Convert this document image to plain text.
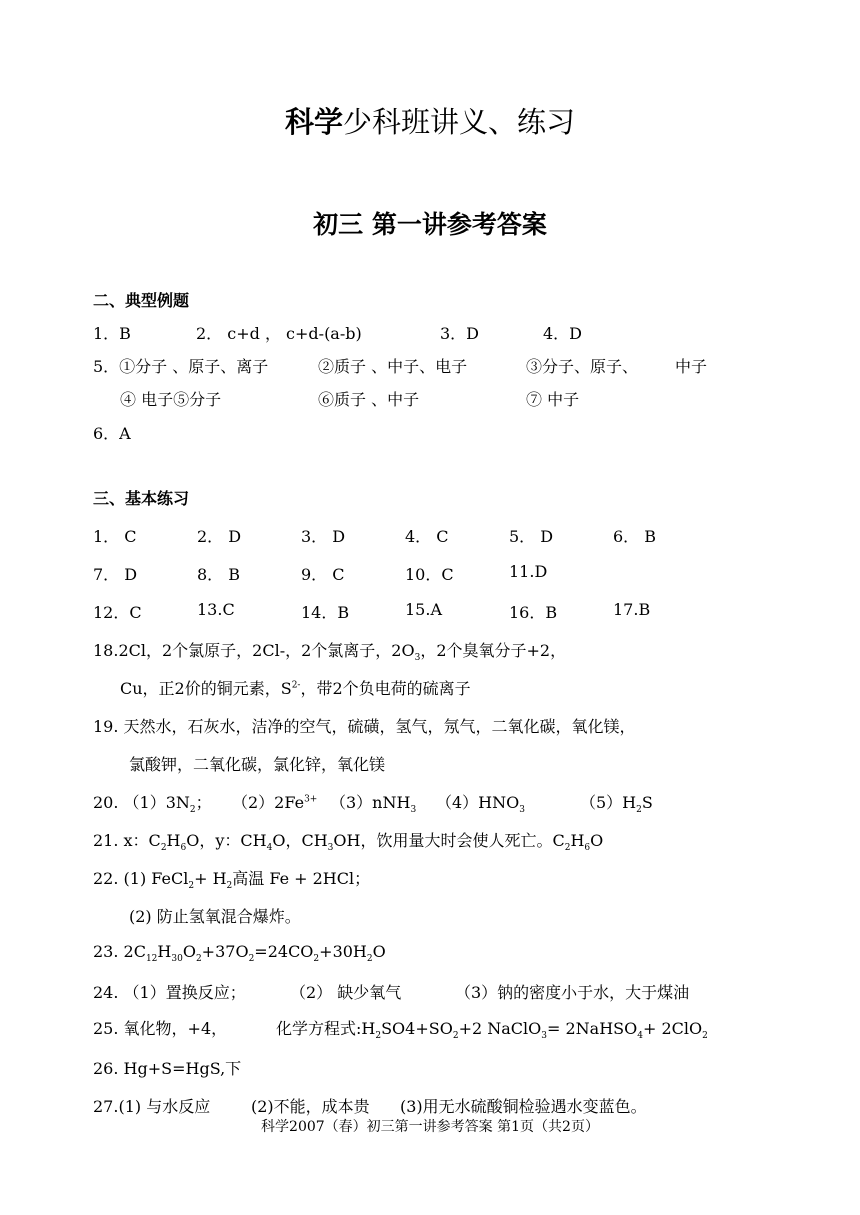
科学少科班讲义、练习
初三 第一讲参考答案
二、典型例题
1．B	2． c+d ， c+d-(a-b)	3．D	4．D
5．①分子 、原子、离子	②质子 、中子、电子	③分子、原子、 中子
④ 电子⑤分子	⑥质子 、中子	⑦ 中子
6．A
三、基本练习
1． C	2． D	3． D	4． C	5． D	6． B
7． D	8． B	9． C	10．C	11.D
12．C	13.C	14．B	15.A	16．B	17.B
18.2Cl，2个氯原子，2Cl-，2个氯离子，$2O_3$，2个臭氧分子+2，
Cu，正2价的铜元素，$S^{2-}$，带2个负电荷的硫离子
19. 天然水，石灰水，洁净的空气，硫磺，氢气，氖气，二氧化碳，氧化镁，
氯酸钾，二氧化碳，氯化锌，氧化镁
20. $(1)3N_2$； $(2)2Fe^{3+}$ （3）nNH$_3$ $(4)HNO_3$	$(5)H_2S$
21. x：$C_2H_6O$，y：$CH_4O$，$CH_3OH$，饮用量大时会使人死亡。$C_2H_6O$
22. (1) FeCl$_2$+ $H_2$高温 Fe + 2HCl；
(2) 防止氢氧混合爆炸。
23. $2C_{12}H_{30}O_2+37O_2=24CO_2+30H_2O$
24. （1）置换反应；	（2） 缺少氧气	（3）钠的密度小于水，大于煤油
25. 氧化物，+4，	化学方程式$:H_2SO4+SO_2+2$ NaClO$_3$= 2NaHSO$_4$+ 2ClO$_2$
26. Hg+S=HgS,下
27.(1) 与水反应	(2)不能，成本贵 (3)用无水硫酸铜检验遇水变蓝色。
科学2007（春）初三第一讲参考答案 第1页（共2页）
